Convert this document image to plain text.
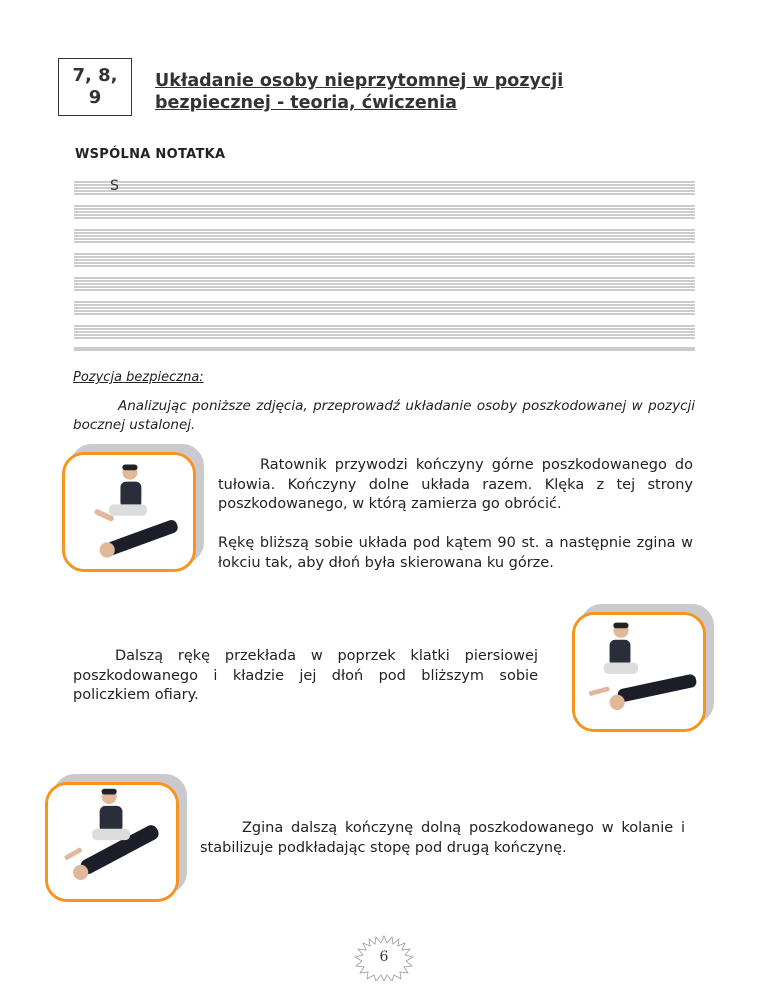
7, 8,
9
Układanie osoby nieprzytomnej w pozycji
bezpiecznej - teoria, ćwiczenia
WSPÓLNA NOTATKA
S
Pozycja bezpieczna:
Analizując poniższe zdjęcia, przeprowadź układanie osoby poszkodowanej w pozycji bocznej ustalonej.
Ratownik przywodzi kończyny górne poszkodowanego do tułowia. Kończyny dolne układa razem. Klęka z tej strony poszkodowanego, w którą zamierza go obrócić.
Rękę bliższą sobie układa pod kątem 90 st. a następnie zgina w łokciu tak, aby dłoń była skierowana ku górze.
Dalszą rękę przekłada w poprzek klatki piersiowej poszkodowanego i kładzie jej dłoń pod bliższym sobie policzkiem ofiary.
Zgina dalszą kończynę dolną poszkodowanego w kolanie i stabilizuje podkładając stopę pod drugą kończynę.
6
